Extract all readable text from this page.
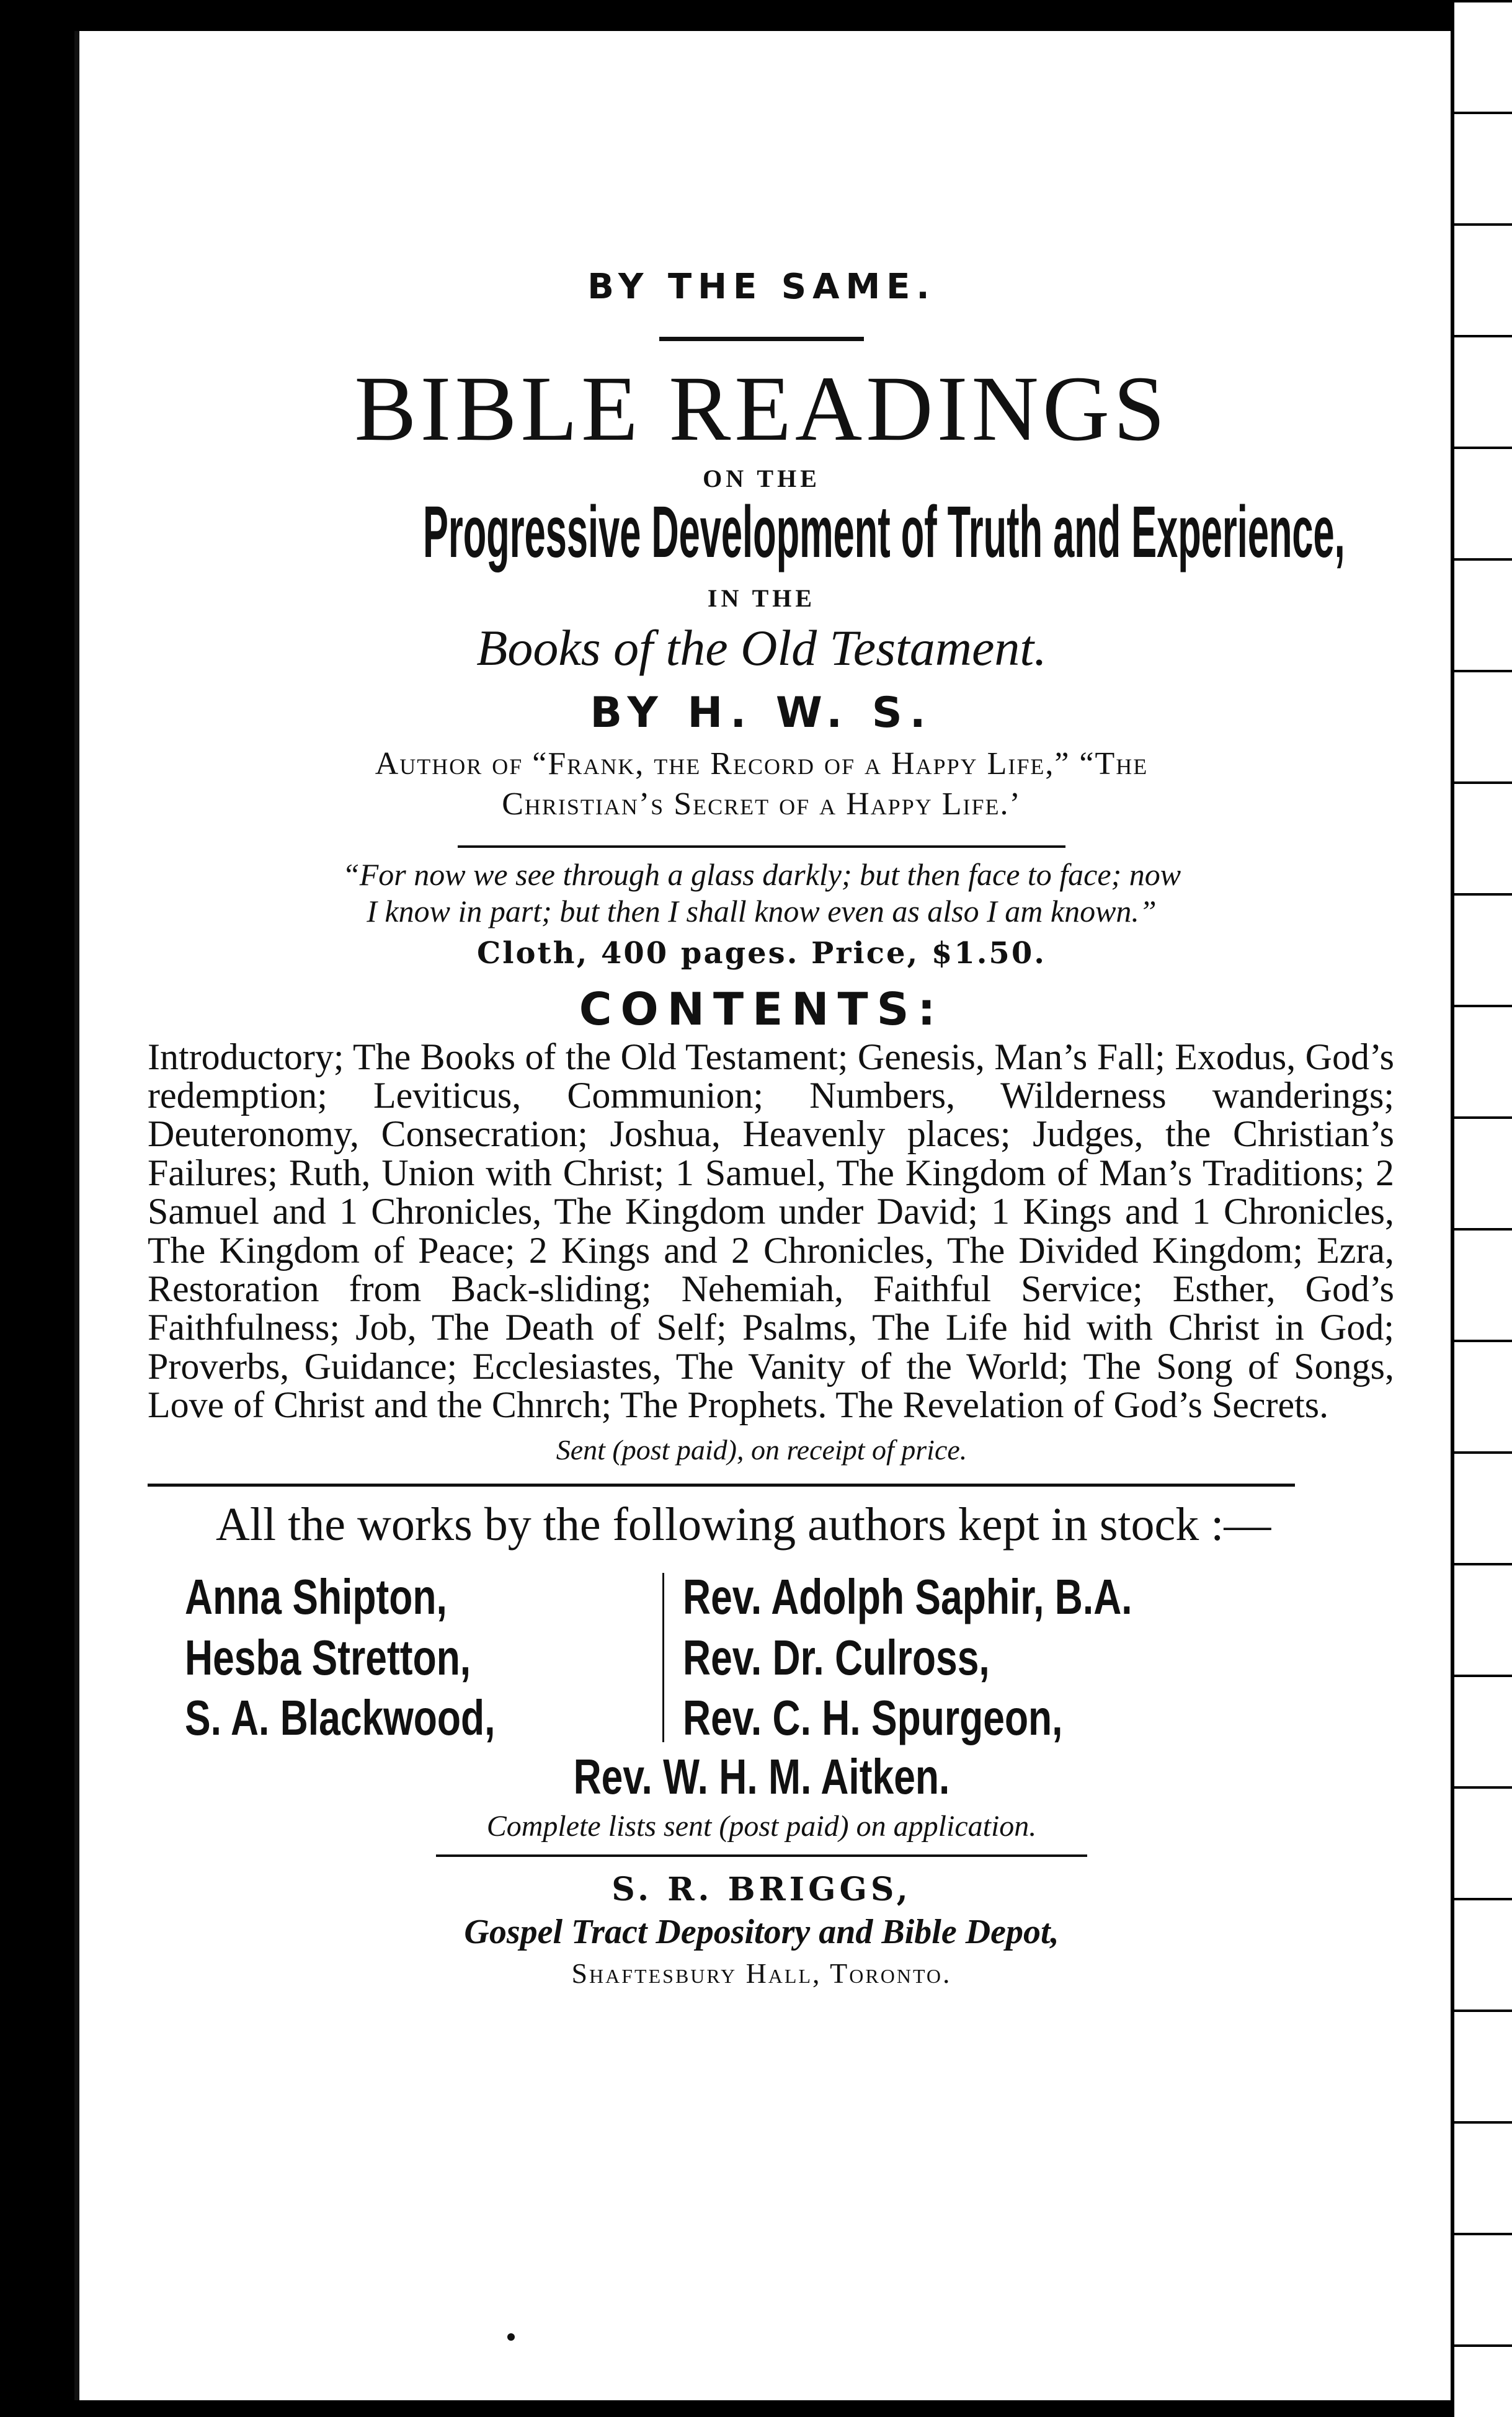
BY THE SAME.

BIBLE READINGS

ON THE

Progressive Development of Truth and Experience,

IN THE

Books of the Old Testament.

BY H. W. S.

Author of “Frank, the Record of a Happy Life,” “The
Christian’s Secret of a Happy Life.’

“For now we see through a glass darkly; but then face to face; now
I know in part; but then I shall know even as also I am known.”

Cloth, 400 pages. Price, $1.50.

CONTENTS:

Introductory; The Books of the Old Testament; Genesis, Man’s Fall; Exodus, God’s redemption; Leviticus, Communion; Numbers, Wilderness wanderings; Deuteronomy, Consecration; Joshua, Heavenly places; Judges, the Christian’s Failures; Ruth, Union with Christ; 1 Samuel, The Kingdom of Man’s Traditions; 2 Samuel and 1 Chronicles, The Kingdom under David; 1 Kings and 1 Chronicles, The Kingdom of Peace; 2 Kings and 2 Chronicles, The Divided Kingdom; Ezra, Restoration from Back-sliding; Nehemiah, Faithful Service; Esther, God’s Faithfulness; Job, The Death of Self; Psalms, The Life hid with Christ in God; Proverbs, Guidance; Ecclesiastes, The Vanity of the World; The Song of Songs, Love of Christ and the Chnrch; The Prophets. The Revelation of God’s Secrets.

Sent (post paid), on receipt of price.

All the works by the following authors kept in stock :—

Anna Shipton,
Hesba Stretton,
S. A. Blackwood,
Rev. Adolph Saphir, B.A.
Rev. Dr. Culross,
Rev. C. H. Spurgeon,

Rev. W. H. M. Aitken.

Complete lists sent (post paid) on application.

S. R. BRIGGS,

Gospel Tract Depository and Bible Depot,

Shaftesbury Hall, Toronto.
